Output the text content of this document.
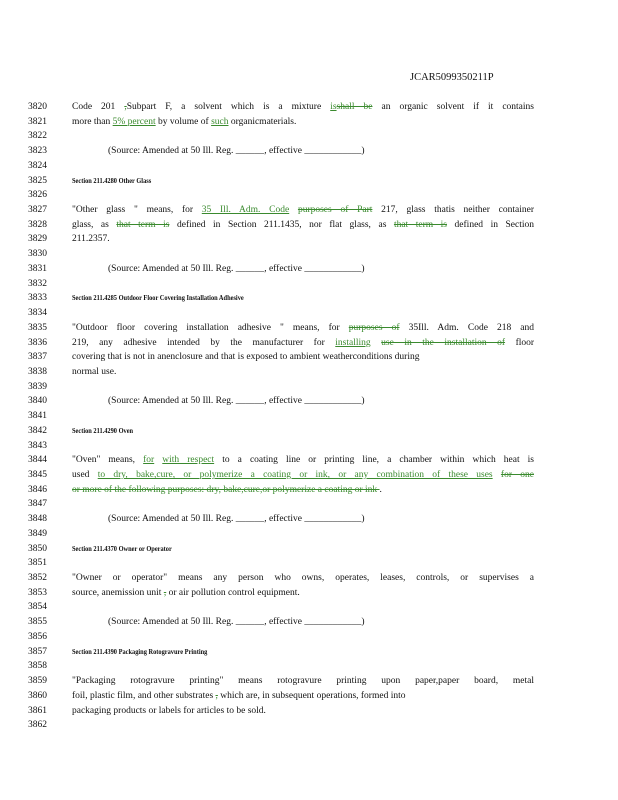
JCAR5099350211P
3820
3821
3822
3823
3824
3825
3826
3827
3828
3829
3830
3831
3832
3833
3834
3835
3836
3837
3838
3839
3840
3841
3842
3843
3844
3845
3846
3847
3848
3849
3850
3851
3852
3853
3854
3855
3856
3857
3858
3859
3860
3861
3862
Code 201 ,Subpart F, a solvent which is a mixture isshall be an organic solvent if it contains
more than 5% percent by volume of such organicmaterials.
(Source: Amended at 50 Ill. Reg. ______, effective ____________)
Section 211.4280 Other Glass
"Other glass " means, for 35 Ill. Adm. Code purposes of Part 217, glass thatis neither container
glass, as that term is defined in Section 211.1435, nor flat glass, as that term is defined in Section
211.2357.
(Source: Amended at 50 Ill. Reg. ______, effective ____________)
Section 211.4285 Outdoor Floor Covering Installation Adhesive
"Outdoor floor covering installation adhesive " means, for purposes of 35Ill. Adm. Code 218 and
219, any adhesive intended by the manufacturer for installing use in the installation of floor
covering that is not in anenclosure and that is exposed to ambient weatherconditions during
normal use.
(Source: Amended at 50 Ill. Reg. ______, effective ____________)
Section 211.4290 Oven
"Oven" means, for with respect to a coating line or printing line, a chamber within which heat is
used to dry, bake,cure, or polymerize a coating or ink, or any combination of these uses for one
or more of the following purposes: dry, bake,cure,or polymerize a coating or ink .
(Source: Amended at 50 Ill. Reg. ______, effective ____________)
Section 211.4370 Owner or Operator
"Owner or operator" means any person who owns, operates, leases, controls, or supervises a
source, anemission unit , or air pollution control equipment.
(Source: Amended at 50 Ill. Reg. ______, effective ____________)
Section 211.4390 Packaging Rotogravure Printing
"Packaging rotogravure printing" means rotogravure printing upon paper,paper board, metal
foil, plastic film, and other substrates , which are, in subsequent operations, formed into
packaging products or labels for articles to be sold.
